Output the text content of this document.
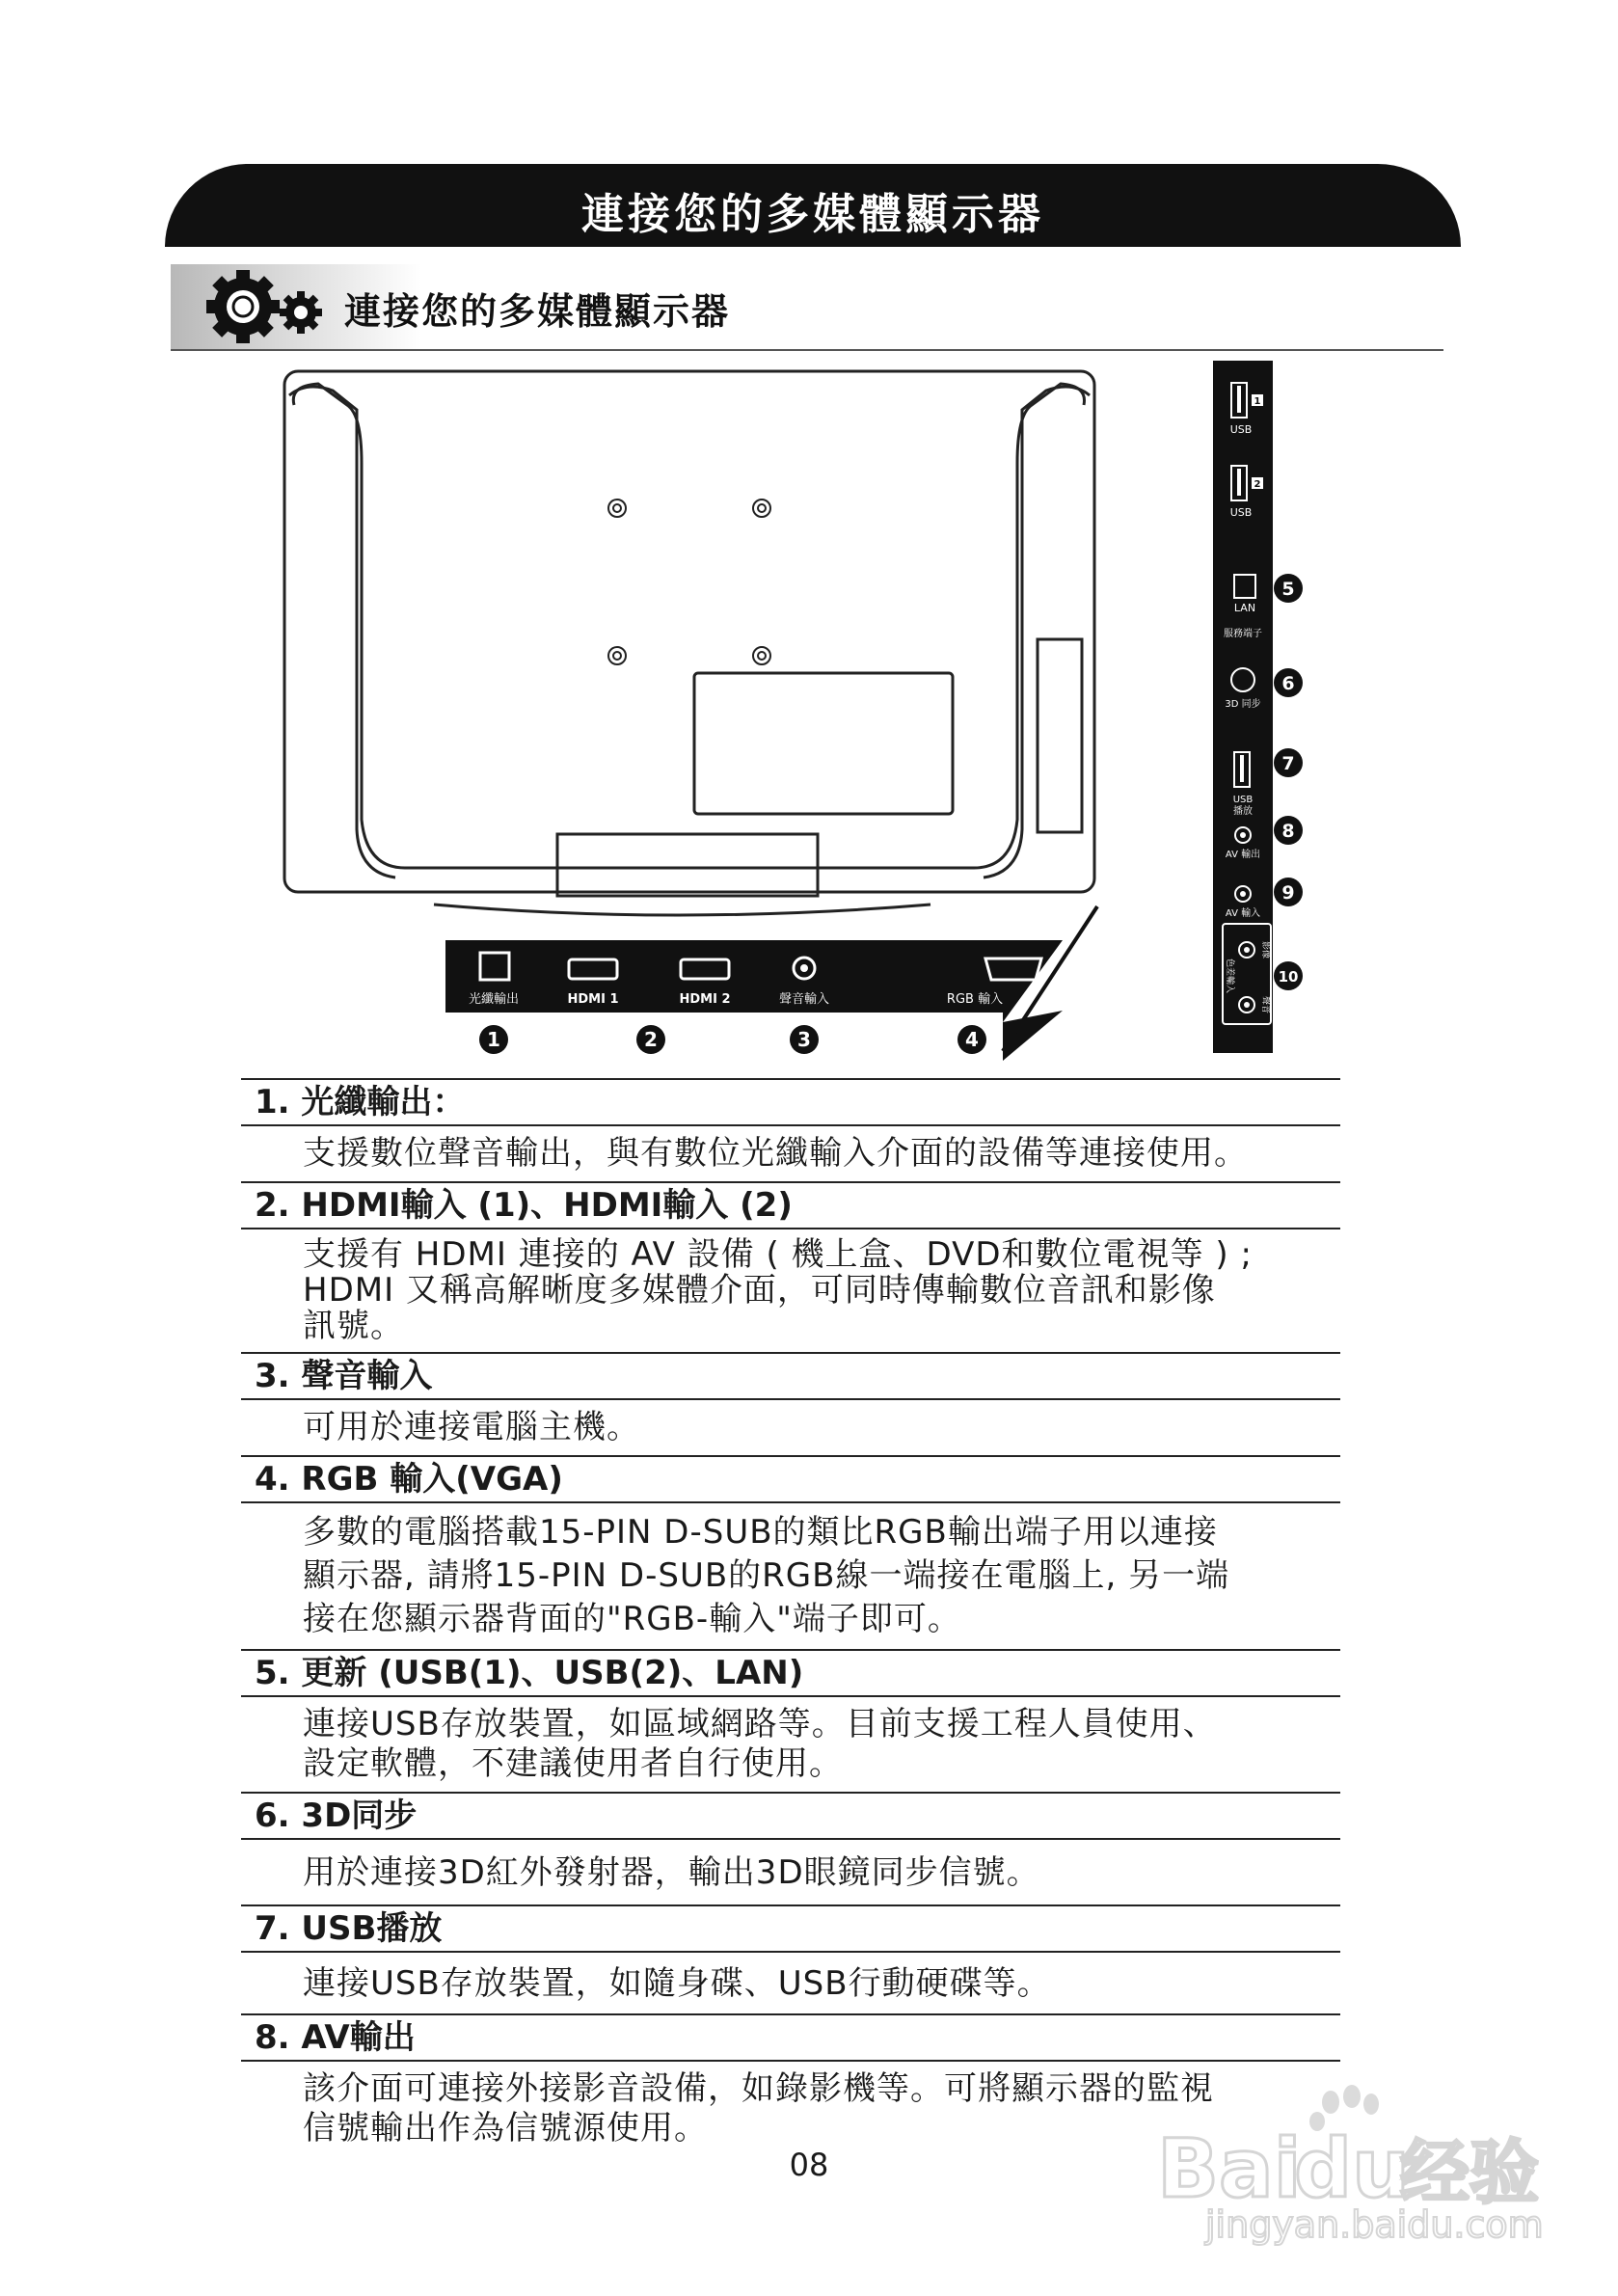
連接您的多媒體顯示器
連接您的多媒體顯示器
光纖輸出	HDMI 1	HDMI 2	聲音輸入	RGB 輸入
1	2	3	4
1
2
USB
USB
LAN
服務端子
3D 同步
USB
播放
AV 輸出
AV 輸入
色差輸入
影像
聲音
5
6
7
8
9
10
1. 光纖輸出：
支援數位聲音輸出，與有數位光纖輸入介面的設備等連接使用。
2. HDMI輸入 (1)、HDMI輸入 (2)
支援有 HDMI 連接的 AV 設備 ( 機上盒、DVD和數位電視等 ) ;
HDMI 又稱高解晰度多媒體介面，可同時傳輸數位音訊和影像
訊號。
3. 聲音輸入
可用於連接電腦主機。
4. RGB 輸入(VGA)
多數的電腦搭載15-PIN D-SUB的類比RGB輸出端子用以連接
顯示器, 請將15-PIN D-SUB的RGB線一端接在電腦上, 另一端
接在您顯示器背面的"RGB-輸入"端子即可。
5. 更新 (USB(1)、USB(2)、LAN)
連接USB存放裝置，如區域網路等。目前支援工程人員使用、
設定軟體，不建議使用者自行使用。
6. 3D同步
用於連接3D紅外發射器，輸出3D眼鏡同步信號。
7. USB播放
連接USB存放裝置，如隨身碟、USB行動硬碟等。
8. AV輸出
該介面可連接外接影音設備，如錄影機等。可將顯示器的監視
信號輸出作為信號源使用。
08	Bai
du
经验
jingyan.baidu.com
